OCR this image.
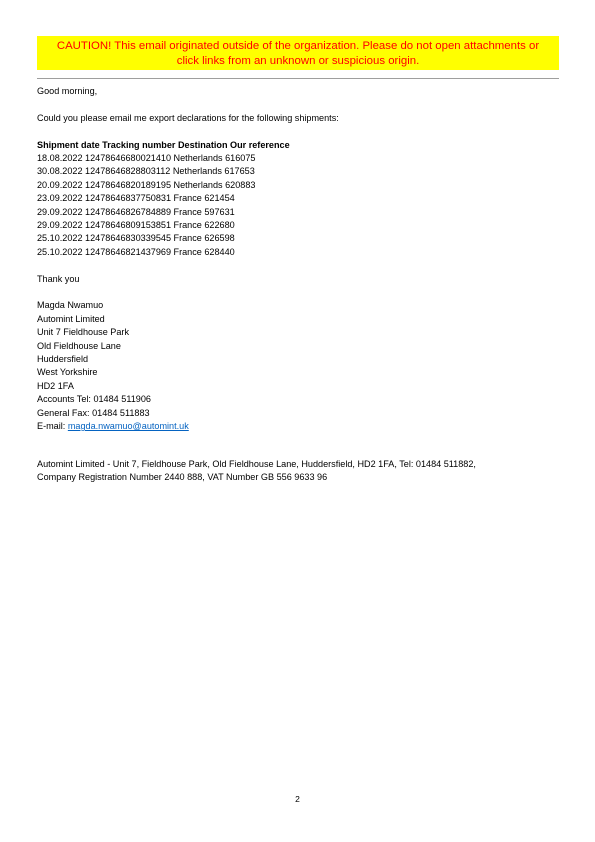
CAUTION! This email originated outside of the organization. Please do not open attachments or
click links from an unknown or suspicious origin.
Good morning,
Could you please email me export declarations for the following shipments:
Shipment date Tracking number Destination Our reference
18.08.2022 12478646680021410 Netherlands 616075
30.08.2022 12478646828803112 Netherlands 617653
20.09.2022 12478646820189195 Netherlands 620883
23.09.2022 12478646837750831 France 621454
29.09.2022 12478646826784889 France 597631
29.09.2022 12478646809153851 France 622680
25.10.2022 12478646830339545 France 626598
25.10.2022 12478646821437969 France 628440
Thank you
Magda Nwamuo
Automint Limited
Unit 7 Fieldhouse Park
Old Fieldhouse Lane
Huddersfield
West Yorkshire
HD2 1FA
Accounts Tel: 01484 511906
General Fax: 01484 511883
E-mail: magda.nwamuo@automint.uk
Automint Limited - Unit 7, Fieldhouse Park, Old Fieldhouse Lane, Huddersfield, HD2 1FA, Tel: 01484 511882,
Company Registration Number 2440 888, VAT Number GB 556 9633 96
2
